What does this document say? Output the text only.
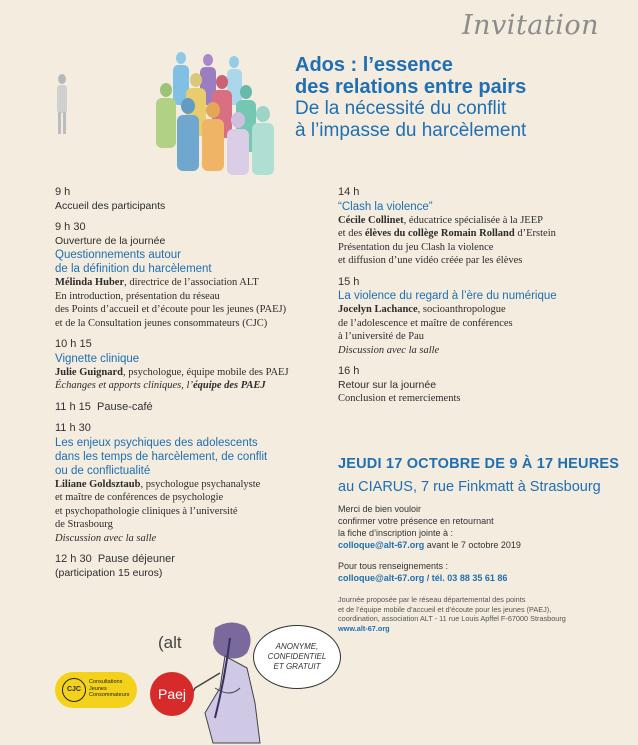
Invitation
Ados : l’essence
des relations entre pairs
De la nécessité du conflit
à l’impasse du harcèlement
9 h
Accueil des participants
9 h 30
Ouverture de la journée
Questionnements autour
de la définition du harcèlement
Mélinda Huber, directrice de l’association ALT
En introduction, présentation du réseau
des Points d’accueil et d’écoute pour les jeunes (PAEJ)
et de la Consultation jeunes consommateurs (CJC)
10 h 15
Vignette clinique
Julie Guignard, psychologue, équipe mobile des PAEJ
Échanges et apports cliniques, l’équipe des PAEJ
11 h 15 Pause-café
11 h 30
Les enjeux psychiques des adolescents
dans les temps de harcèlement, de conflit
ou de conflictualité
Liliane Goldsztaub, psychologue psychanalyste
et maître de conférences de psychologie
et psychopathologie cliniques à l’université
de Strasbourg
Discussion avec la salle
12 h 30 Pause déjeuner
(participation 15 euros)
14 h
“Clash la violence”
Cécile Collinet, éducatrice spécialisée à la JEEP
et des élèves du collège Romain Rolland d’Erstein
Présentation du jeu Clash la violence
et diffusion d’une vidéo créée par les élèves
15 h
La violence du regard à l’ère du numérique
Jocelyn Lachance, socioanthropologue
de l’adolescence et maître de conférences
à l’université de Pau
Discussion avec la salle
16 h
Retour sur la journée
Conclusion et remerciements
JEUDI 17 OCTOBRE DE 9 À 17 HEURES
au CIARUS, 7 rue Finkmatt à Strasbourg
Merci de bien vouloir
confirmer votre présence en retournant
la fiche d’inscription jointe à :
colloque@alt-67.org avant le 7 octobre 2019
Pour tous renseignements :
colloque@alt-67.org / tél. 03 88 35 61 86
Journée proposée par le réseau départemental des points
et de l’équipe mobile d’accueil et d’écoute pour les jeunes (PAEJ),
coordination, association ALT - 11 rue Louis Apffel F-67000 Strasbourg
www.alt-67.org
(alt	ANONYME,
CONFIDENTIEL
ET GRATUIT
CJC
Consultations
Jeunes
Consommateurs	Paej
